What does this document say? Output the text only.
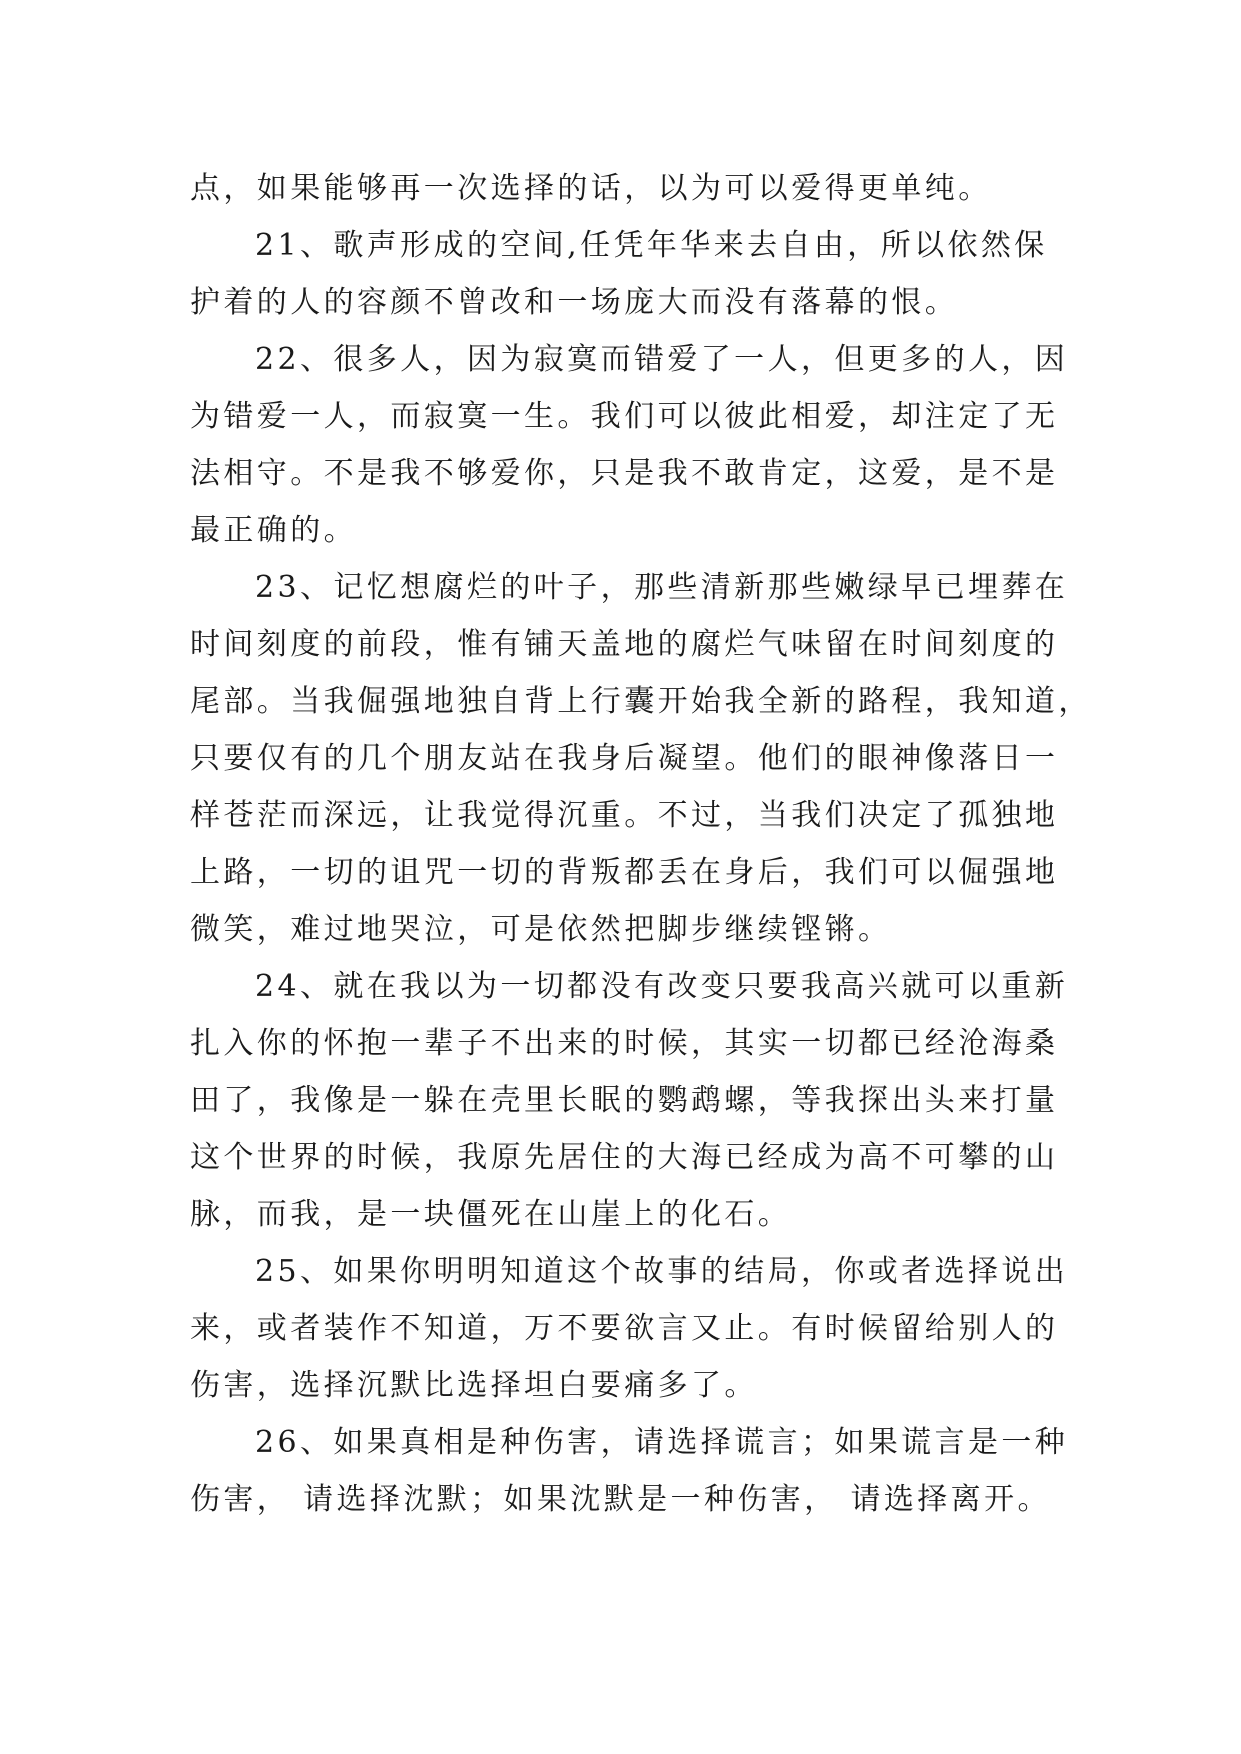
点，如果能够再一次选择的话，以为可以爱得更单纯。
21、歌声形成的空间,任凭年华来去自由，所以依然保
护着的人的容颜不曾改和一场庞大而没有落幕的恨。
22、很多人，因为寂寞而错爱了一人，但更多的人，因
为错爱一人，而寂寞一生。我们可以彼此相爱，却注定了无
法相守。不是我不够爱你，只是我不敢肯定，这爱，是不是
最正确的。
23、记忆想腐烂的叶子，那些清新那些嫩绿早已埋葬在
时间刻度的前段，惟有铺天盖地的腐烂气味留在时间刻度的
尾部。当我倔强地独自背上行囊开始我全新的路程，我知道，
只要仅有的几个朋友站在我身后凝望。他们的眼神像落日一
样苍茫而深远，让我觉得沉重。不过，当我们决定了孤独地
上路，一切的诅咒一切的背叛都丢在身后，我们可以倔强地
微笑，难过地哭泣，可是依然把脚步继续铿锵。
24、就在我以为一切都没有改变只要我高兴就可以重新
扎入你的怀抱一辈子不出来的时候，其实一切都已经沧海桑
田了，我像是一躲在壳里长眠的鹦鹉螺，等我探出头来打量
这个世界的时候，我原先居住的大海已经成为高不可攀的山
脉，而我，是一块僵死在山崖上的化石。
25、如果你明明知道这个故事的结局，你或者选择说出
来，或者装作不知道，万不要欲言又止。有时候留给别人的
伤害，选择沉默比选择坦白要痛多了。
26、如果真相是种伤害，请选择谎言；如果谎言是一种
伤害， 请选择沈默；如果沈默是一种伤害， 请选择离开。
